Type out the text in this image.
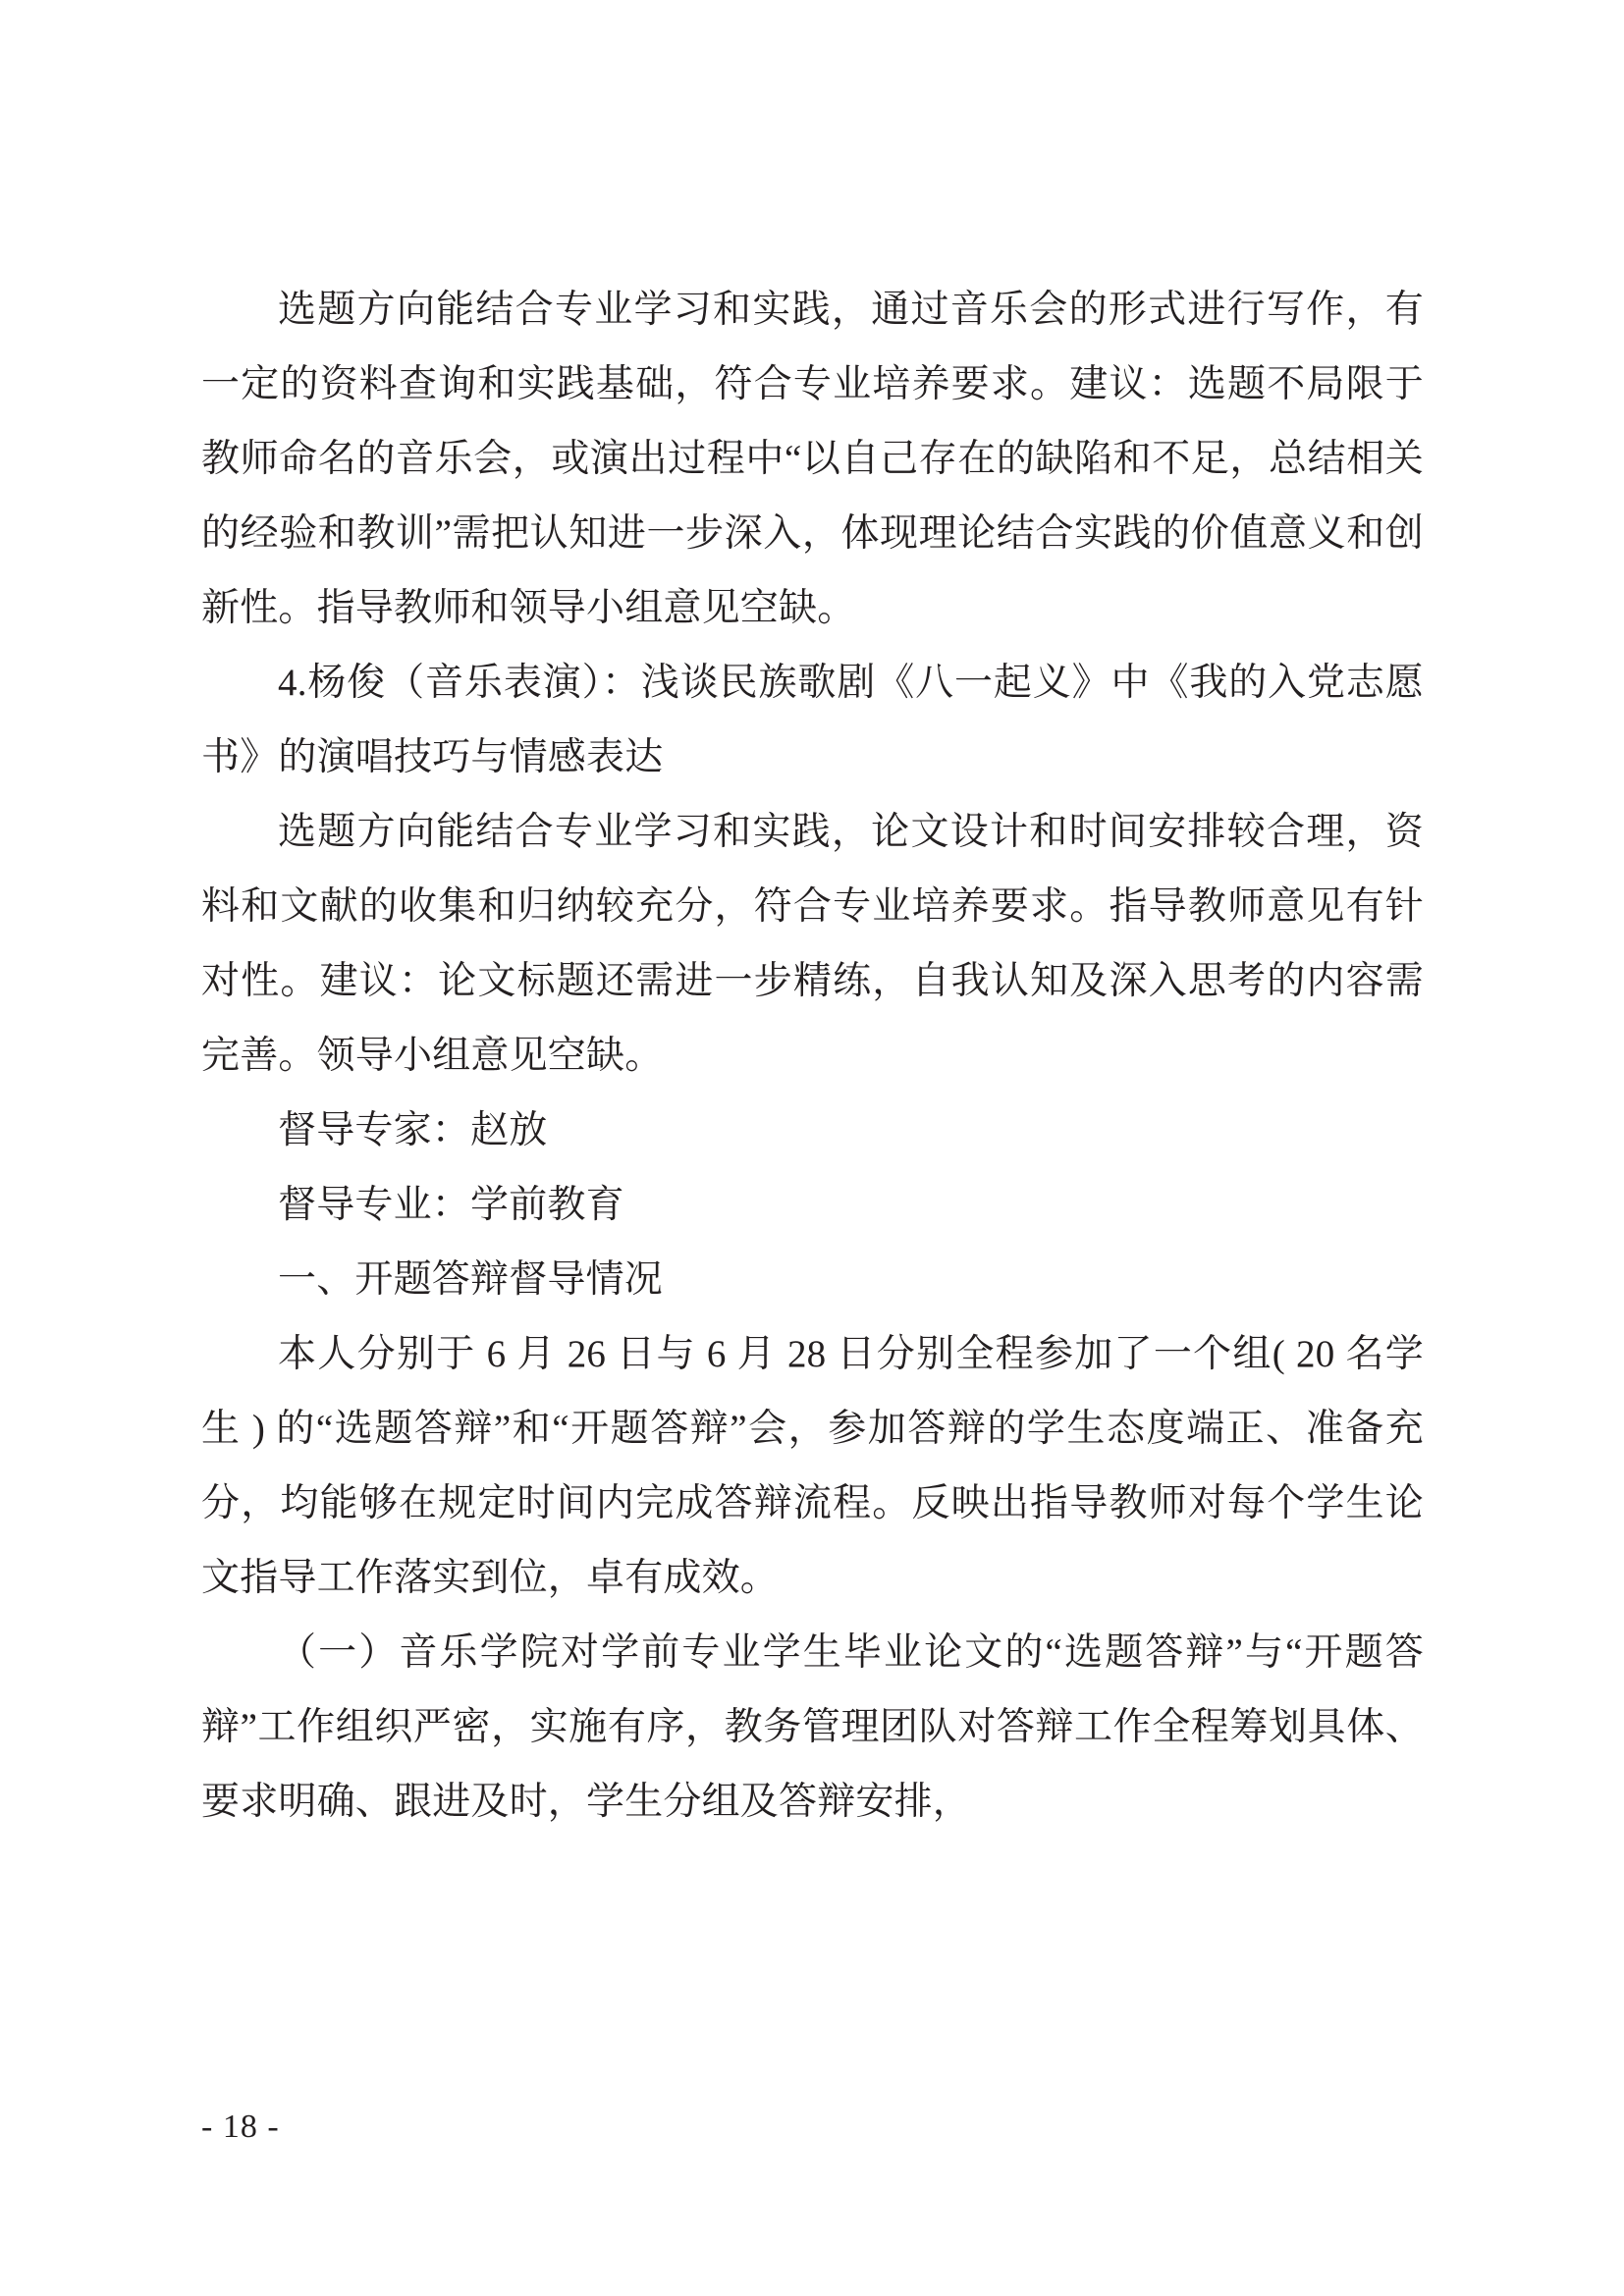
选题方向能结合专业学习和实践，通过音乐会的形式进行写作，有一定的资料查询和实践基础，符合专业培养要求。建议：选题不局限于教师命名的音乐会，或演出过程中“以自己存在的缺陷和不足，总结相关的经验和教训”需把认知进一步深入，体现理论结合实践的价值意义和创新性。指导教师和领导小组意见空缺。

4.杨俊（音乐表演）：浅谈民族歌剧《八一起义》中《我的入党志愿书》的演唱技巧与情感表达

选题方向能结合专业学习和实践，论文设计和时间安排较合理，资料和文献的收集和归纳较充分，符合专业培养要求。指导教师意见有针对性。建议：论文标题还需进一步精练，自我认知及深入思考的内容需完善。领导小组意见空缺。

督导专家：赵放

督导专业：学前教育

一、开题答辩督导情况

本人分别于 6 月 26 日与 6 月 28 日分别全程参加了一个组( 20 名学生 ) 的“选题答辩”和“开题答辩”会，参加答辩的学生态度端正、准备充分，均能够在规定时间内完成答辩流程。反映出指导教师对每个学生论文指导工作落实到位，卓有成效。

（一）音乐学院对学前专业学生毕业论文的“选题答辩”与“开题答辩”工作组织严密，实施有序，教务管理团队对答辩工作全程筹划具体、要求明确、跟进及时，学生分组及答辩安排，

- 18 -
